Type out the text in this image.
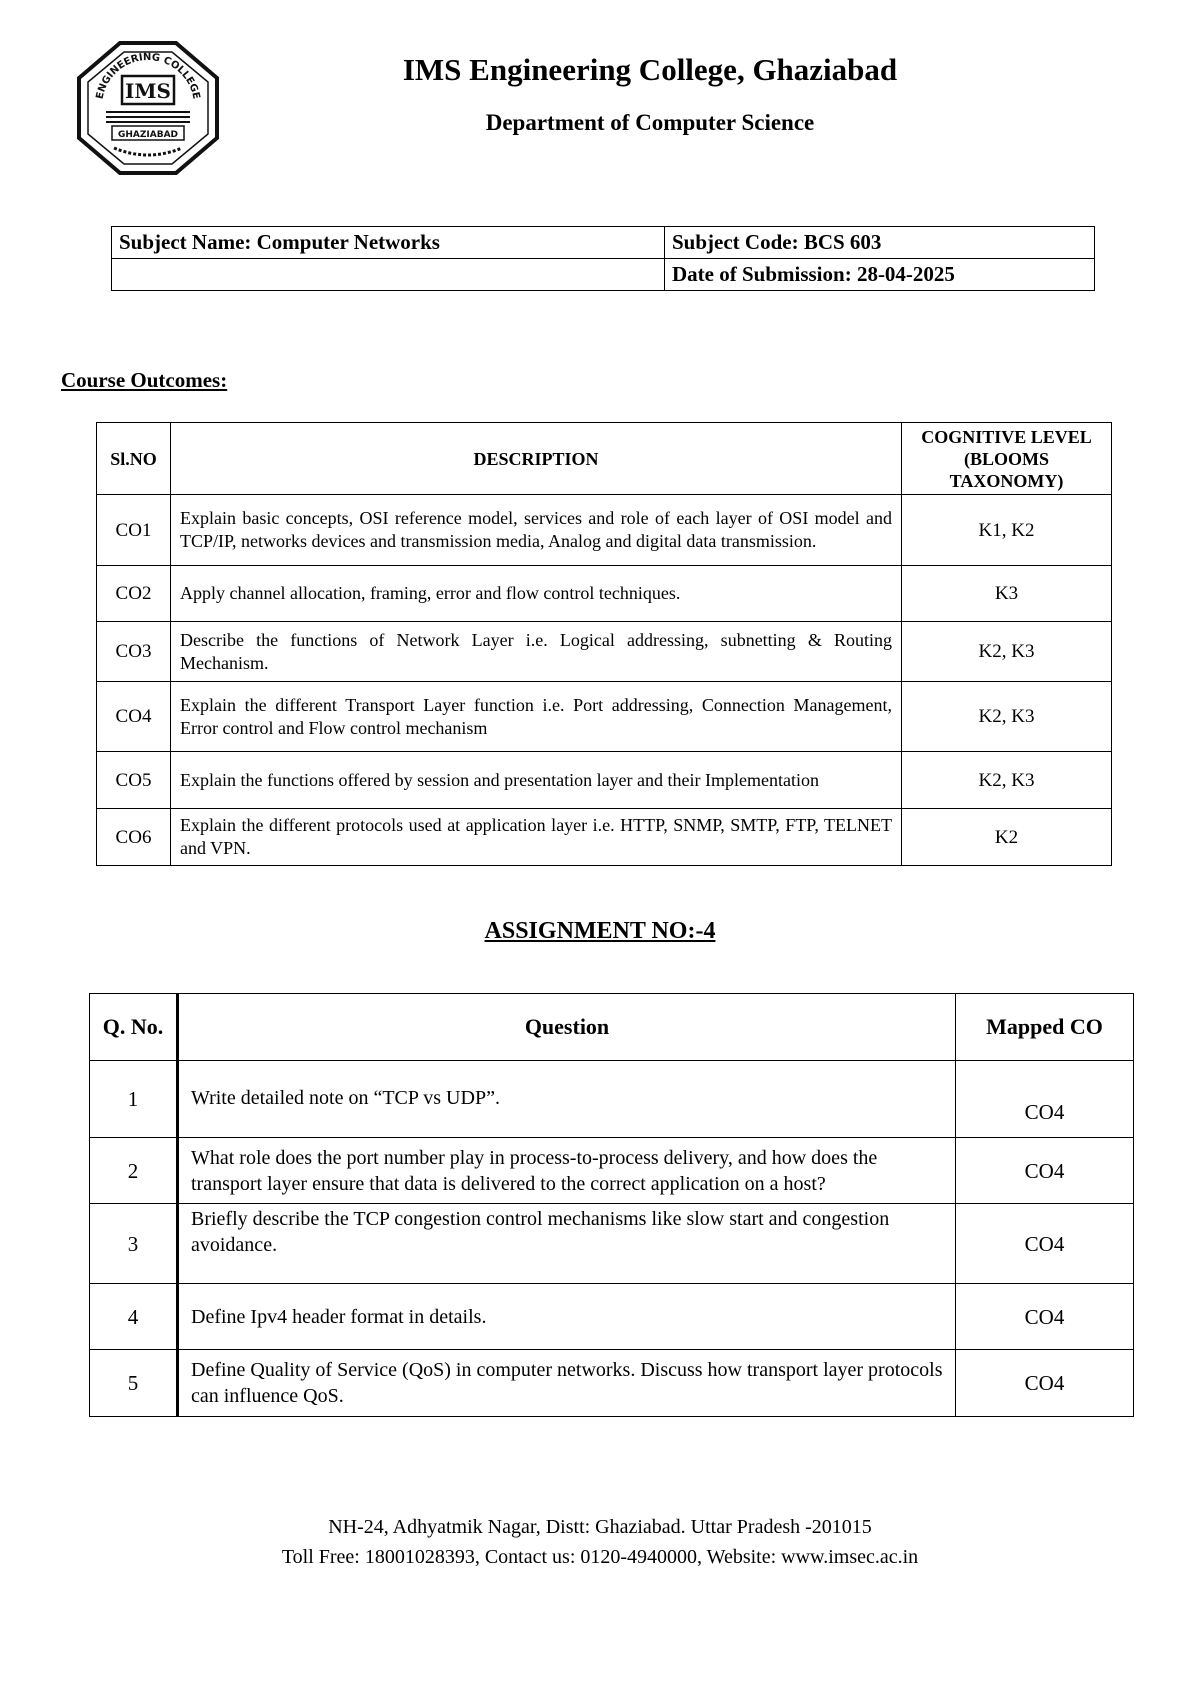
ENGINEERING COLLEGE
IMS
GHAZIABAD
IMS Engineering College, Ghaziabad
Department of Computer Science
Subject Name: Computer Networks	Subject Code: BCS 603
	Date of Submission: 28-04-2025
Course Outcomes:
Sl.NO	DESCRIPTION	COGNITIVE LEVEL (BLOOMS TAXONOMY)
CO1	Explain basic concepts, OSI reference model, services and role of each layer of OSI model and TCP/IP, networks devices and transmission media, Analog and digital data transmission.	K1, K2
CO2	Apply channel allocation, framing, error and flow control techniques.	K3
CO3	Describe the functions of Network Layer i.e. Logical addressing, subnetting & Routing Mechanism.	K2, K3
CO4	Explain the different Transport Layer function i.e. Port addressing, Connection Management, Error control and Flow control mechanism	K2, K3
CO5	Explain the functions offered by session and presentation layer and their Implementation	K2, K3
CO6	Explain the different protocols used at application layer i.e. HTTP, SNMP, SMTP, FTP, TELNET and VPN.	K2
ASSIGNMENT NO:-4
Q. No.	Question	Mapped CO
1	Write detailed note on “TCP vs UDP”.	CO4
2	What role does the port number play in process-to-process delivery, and how does the transport layer ensure that data is delivered to the correct application on a host?	CO4
3	Briefly describe the TCP congestion control mechanisms like slow start and congestion avoidance.	CO4
4	Define Ipv4 header format in details.	CO4
5	Define Quality of Service (QoS) in computer networks. Discuss how transport layer protocols can influence QoS.	CO4
NH-24, Adhyatmik Nagar, Distt: Ghaziabad. Uttar Pradesh -201015
Toll Free: 18001028393, Contact us: 0120-4940000, Website: www.imsec.ac.in
